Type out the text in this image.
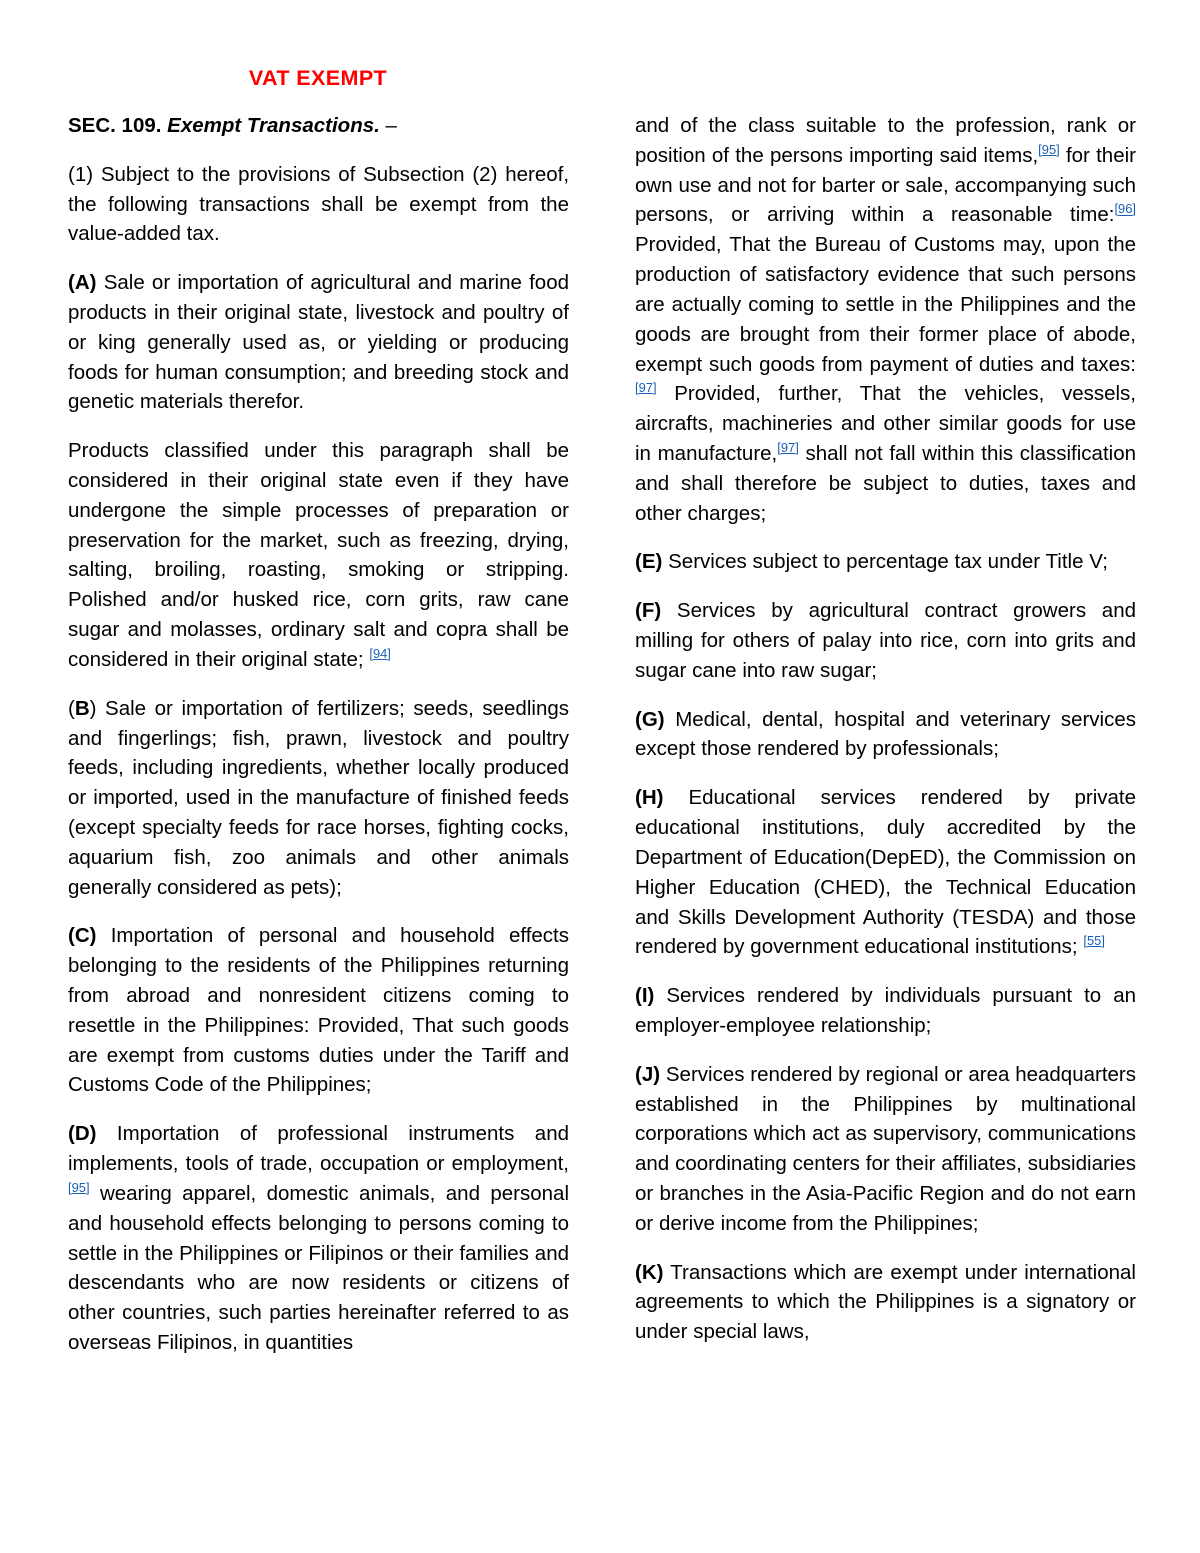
VAT EXEMPT
SEC. 109. Exempt Transactions. –

(1) Subject to the provisions of Subsection (2) hereof, the following transactions shall be exempt from the value-added tax.

(A) Sale or importation of agricultural and marine food products in their original state, livestock and poultry of or king generally used as, or yielding or producing foods for human consumption; and breeding stock and genetic materials therefor.

Products classified under this paragraph shall be considered in their original state even if they have undergone the simple processes of preparation or preservation for the market, such as freezing, drying, salting, broiling, roasting, smoking or stripping. Polished and/or husked rice, corn grits, raw cane sugar and molasses, ordinary salt and copra shall be considered in their original state; [94]

(B) Sale or importation of fertilizers; seeds, seedlings and fingerlings; fish, prawn, livestock and poultry feeds, including ingredients, whether locally produced or imported, used in the manufacture of finished feeds (except specialty feeds for race horses, fighting cocks, aquarium fish, zoo animals and other animals generally considered as pets);

(C) Importation of personal and household effects belonging to the residents of the Philippines returning from abroad and nonresident citizens coming to resettle in the Philippines: Provided, That such goods are exempt from customs duties under the Tariff and Customs Code of the Philippines;

(D) Importation of professional instruments and implements, tools of trade, occupation or employment,[95] wearing apparel, domestic animals, and personal and household effects belonging to persons coming to settle in the Philippines or Filipinos or their families and descendants who are now residents or citizens of other countries, such parties hereinafter referred to as overseas Filipinos, in quantities

and of the class suitable to the profession, rank or position of the persons importing said items,[95] for their own use and not for barter or sale, accompanying such persons, or arriving within a reasonable time:[96] Provided, That the Bureau of Customs may, upon the production of satisfactory evidence that such persons are actually coming to settle in the Philippines and the goods are brought from their former place of abode, exempt such goods from payment of duties and taxes:[97] Provided, further, That the vehicles, vessels, aircrafts, machineries and other similar goods for use in manufacture,[97] shall not fall within this classification and shall therefore be subject to duties, taxes and other charges;

(E) Services subject to percentage tax under Title V;

(F) Services by agricultural contract growers and milling for others of palay into rice, corn into grits and sugar cane into raw sugar;

(G) Medical, dental, hospital and veterinary services except those rendered by professionals;

(H) Educational services rendered by private educational institutions, duly accredited by the Department of Education(DepED), the Commission on Higher Education (CHED), the Technical Education and Skills Development Authority (TESDA) and those rendered by government educational institutions; [55]

(I) Services rendered by individuals pursuant to an employer-employee relationship;

(J) Services rendered by regional or area headquarters established in the Philippines by multinational corporations which act as supervisory, communications and coordinating centers for their affiliates, subsidiaries or branches in the Asia-Pacific Region and do not earn or derive income from the Philippines;

(K) Transactions which are exempt under international agreements to which the Philippines is a signatory or under special laws,
